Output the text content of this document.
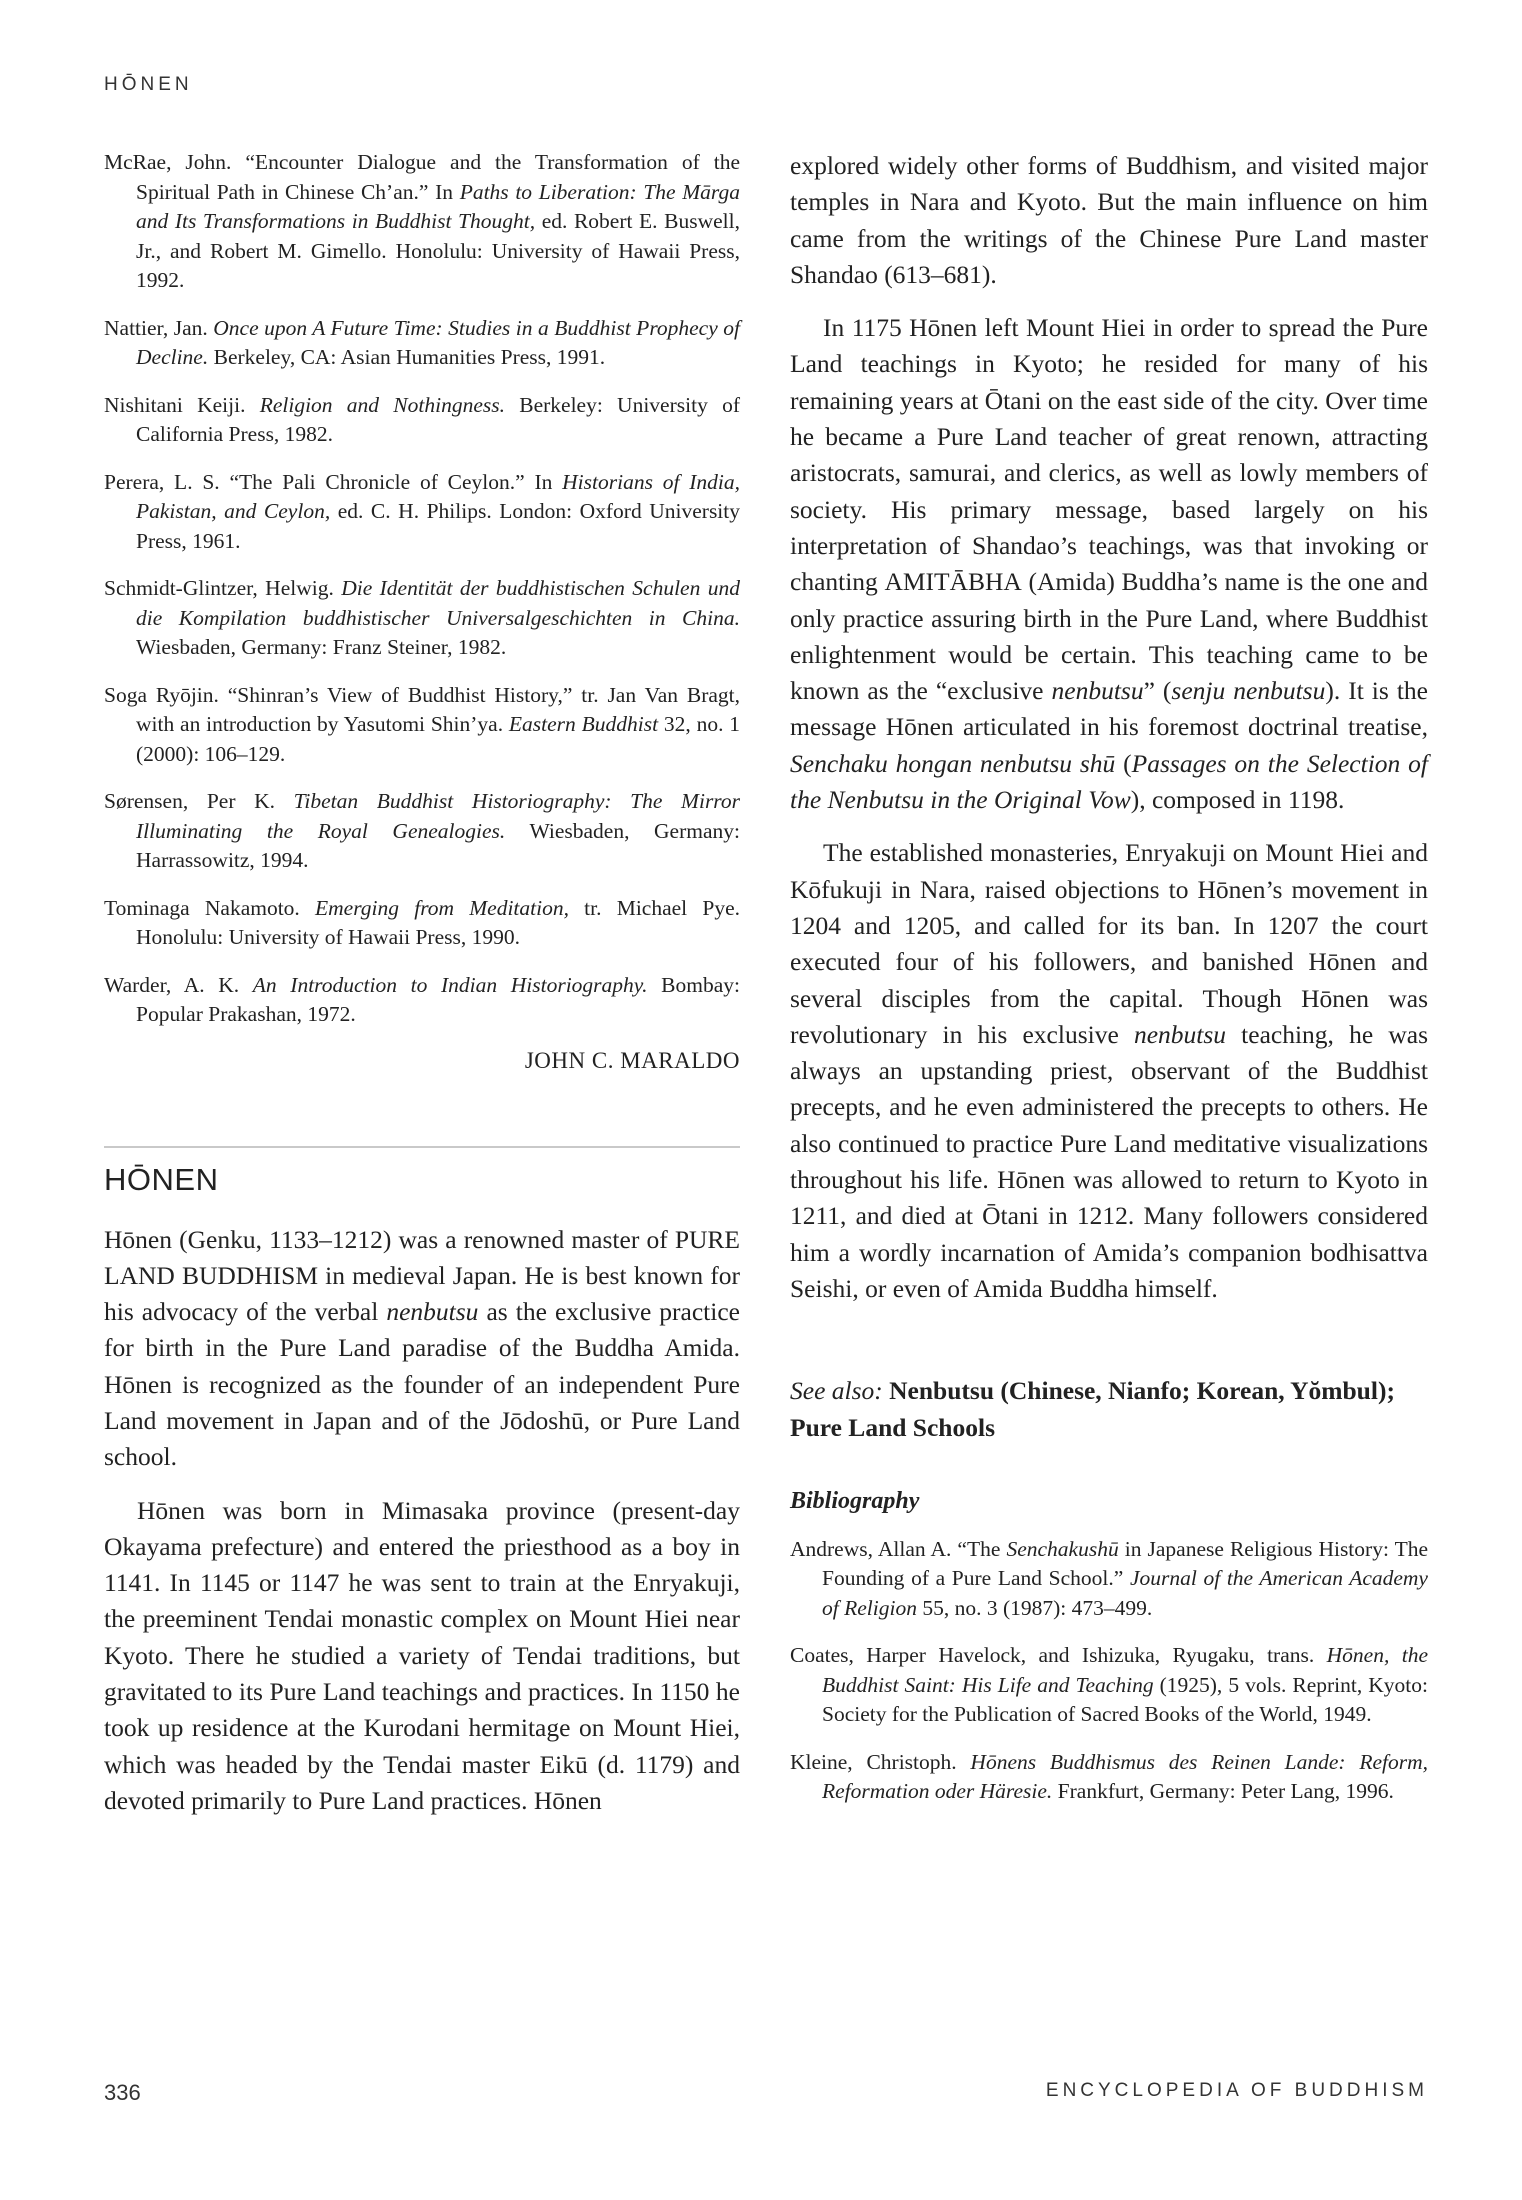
HŌNEN

McRae, John. “Encounter Dialogue and the Transformation of the Spiritual Path in Chinese Ch’an.” In Paths to Liberation: The Mārga and Its Transformations in Buddhist Thought, ed. Robert E. Buswell, Jr., and Robert M. Gimello. Honolulu: University of Hawaii Press, 1992.

Nattier, Jan. Once upon A Future Time: Studies in a Buddhist Prophecy of Decline. Berkeley, CA: Asian Humanities Press, 1991.

Nishitani Keiji. Religion and Nothingness. Berkeley: University of California Press, 1982.

Perera, L. S. “The Pali Chronicle of Ceylon.” In Historians of India, Pakistan, and Ceylon, ed. C. H. Philips. London: Oxford University Press, 1961.

Schmidt-Glintzer, Helwig. Die Identität der buddhistischen Schulen und die Kompilation buddhistischer Universalgeschichten in China. Wiesbaden, Germany: Franz Steiner, 1982.

Soga Ryōjin. “Shinran’s View of Buddhist History,” tr. Jan Van Bragt, with an introduction by Yasutomi Shin’ya. Eastern Buddhist 32, no. 1 (2000): 106–129.

Sørensen, Per K. Tibetan Buddhist Historiography: The Mirror Illuminating the Royal Genealogies. Wiesbaden, Germany: Harrassowitz, 1994.

Tominaga Nakamoto. Emerging from Meditation, tr. Michael Pye. Honolulu: University of Hawaii Press, 1990.

Warder, A. K. An Introduction to Indian Historiography. Bombay: Popular Prakashan, 1972.

JOHN C. MARALDO
HŌNEN

Hōnen (Genku, 1133–1212) was a renowned master of PURE LAND BUDDHISM in medieval Japan. He is best known for his advocacy of the verbal nenbutsu as the exclusive practice for birth in the Pure Land paradise of the Buddha Amida. Hōnen is recognized as the founder of an independent Pure Land movement in Japan and of the Jōdoshū, or Pure Land school.

Hōnen was born in Mimasaka province (present-day Okayama prefecture) and entered the priesthood as a boy in 1141. In 1145 or 1147 he was sent to train at the Enryakuji, the preeminent Tendai monastic complex on Mount Hiei near Kyoto. There he studied a variety of Tendai traditions, but gravitated to its Pure Land teachings and practices. In 1150 he took up residence at the Kurodani hermitage on Mount Hiei, which was headed by the Tendai master Eikū (d. 1179) and devoted primarily to Pure Land practices. Hōnen

explored widely other forms of Buddhism, and visited major temples in Nara and Kyoto. But the main influence on him came from the writings of the Chinese Pure Land master Shandao (613–681).

In 1175 Hōnen left Mount Hiei in order to spread the Pure Land teachings in Kyoto; he resided for many of his remaining years at Ōtani on the east side of the city. Over time he became a Pure Land teacher of great renown, attracting aristocrats, samurai, and clerics, as well as lowly members of society. His primary message, based largely on his interpretation of Shandao’s teachings, was that invoking or chanting AMITĀBHA (Amida) Buddha’s name is the one and only practice assuring birth in the Pure Land, where Buddhist enlightenment would be certain. This teaching came to be known as the “exclusive nenbutsu” (senju nenbutsu). It is the message Hōnen articulated in his foremost doctrinal treatise, Senchaku hongan nenbutsu shū (Passages on the Selection of the Nenbutsu in the Original Vow), composed in 1198.

The established monasteries, Enryakuji on Mount Hiei and Kōfukuji in Nara, raised objections to Hōnen’s movement in 1204 and 1205, and called for its ban. In 1207 the court executed four of his followers, and banished Hōnen and several disciples from the capital. Though Hōnen was revolutionary in his exclusive nenbutsu teaching, he was always an upstanding priest, observant of the Buddhist precepts, and he even administered the precepts to others. He also continued to practice Pure Land meditative visualizations throughout his life. Hōnen was allowed to return to Kyoto in 1211, and died at Ōtani in 1212. Many followers considered him a wordly incarnation of Amida’s companion bodhisattva Seishi, or even of Amida Buddha himself.

See also: Nenbutsu (Chinese, Nianfo; Korean, Yŏmbul); Pure Land Schools

Bibliography

Andrews, Allan A. “The Senchakushū in Japanese Religious History: The Founding of a Pure Land School.” Journal of the American Academy of Religion 55, no. 3 (1987): 473–499.

Coates, Harper Havelock, and Ishizuka, Ryugaku, trans. Hōnen, the Buddhist Saint: His Life and Teaching (1925), 5 vols. Reprint, Kyoto: Society for the Publication of Sacred Books of the World, 1949.

Kleine, Christoph. Hōnens Buddhismus des Reinen Lande: Reform, Reformation oder Häresie. Frankfurt, Germany: Peter Lang, 1996.

336	ENCYCLOPEDIA OF BUDDHISM
